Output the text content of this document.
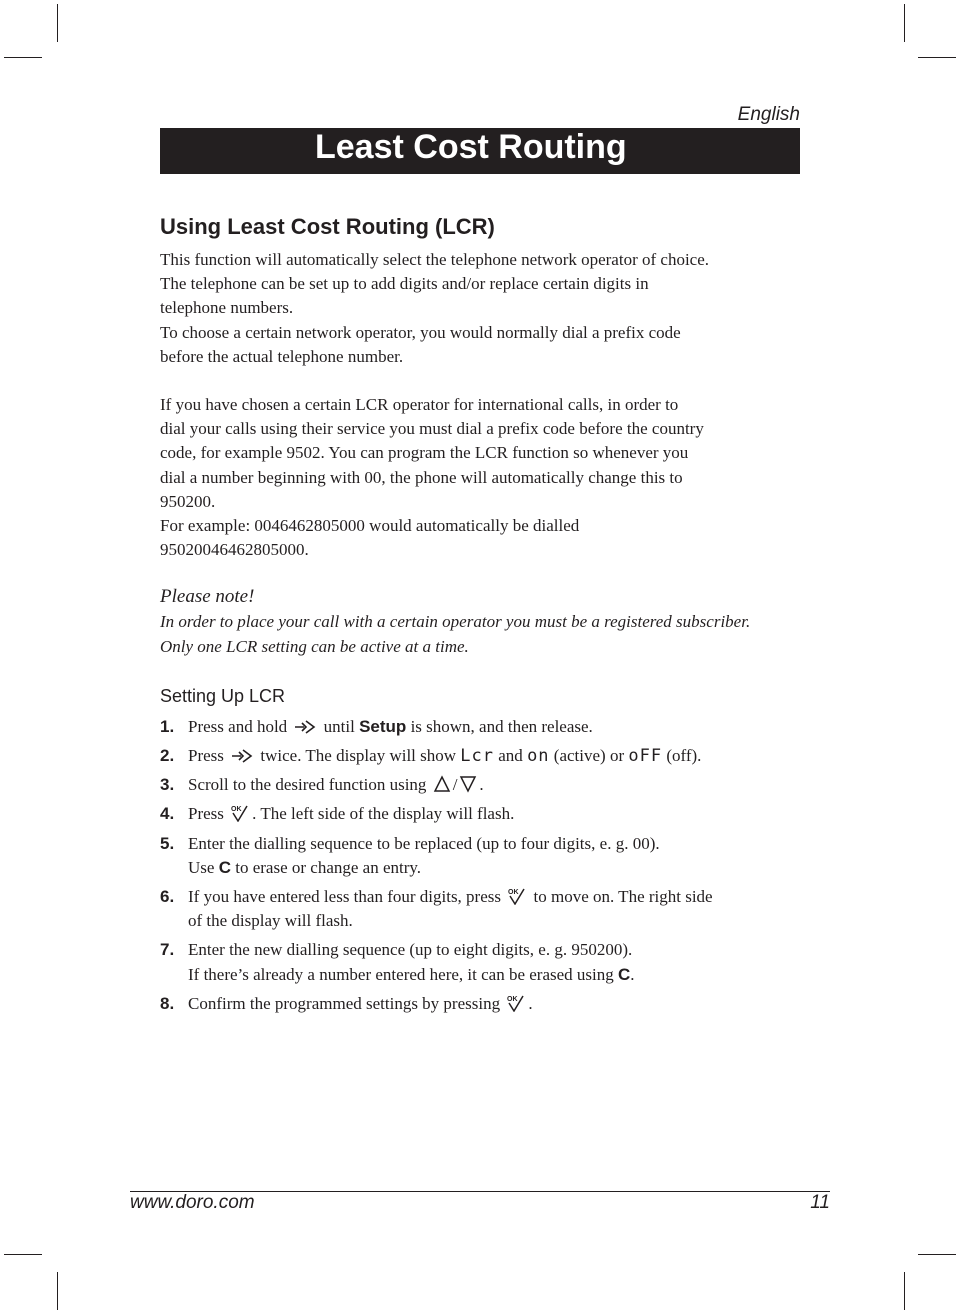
English
Least Cost Routing
Using Least Cost Routing (LCR)

This function will automatically select the telephone network operator of choice.
The telephone can be set up to add digits and/or replace certain digits in
telephone numbers.
To choose a certain network operator, you would normally dial a prefix code
before the actual telephone number.

If you have chosen a certain LCR operator for international calls, in order to
dial your calls using their service you must dial a prefix code before the country
code, for example 9502. You can program the LCR function so whenever you
dial a number beginning with 00, the phone will automatically change this to
950200.
For example: 0046462805000 would automatically be dialled
95020046462805000.

Please note!

In order to place your call with a certain operator you must be a registered subscriber.
Only one LCR setting can be active at a time.

Setting Up LCR
1. Press and hold until Setup is shown, and then release.
2. Press twice. The display will show Lcr and on (active) or oFF (off).
3. Scroll to the desired function using / .
4. Press OK . The left side of the display will flash.
5. Enter the dialling sequence to be replaced (up to four digits, e. g. 00).
Use C to erase or change an entry.
6. If you have entered less than four digits, press OK to move on. The right side
of the display will flash.
7. Enter the new dialling sequence (up to eight digits, e. g. 950200).
If there’s already a number entered here, it can be erased using C.
8. Confirm the programmed settings by pressing OK .
www.doro.com	11
